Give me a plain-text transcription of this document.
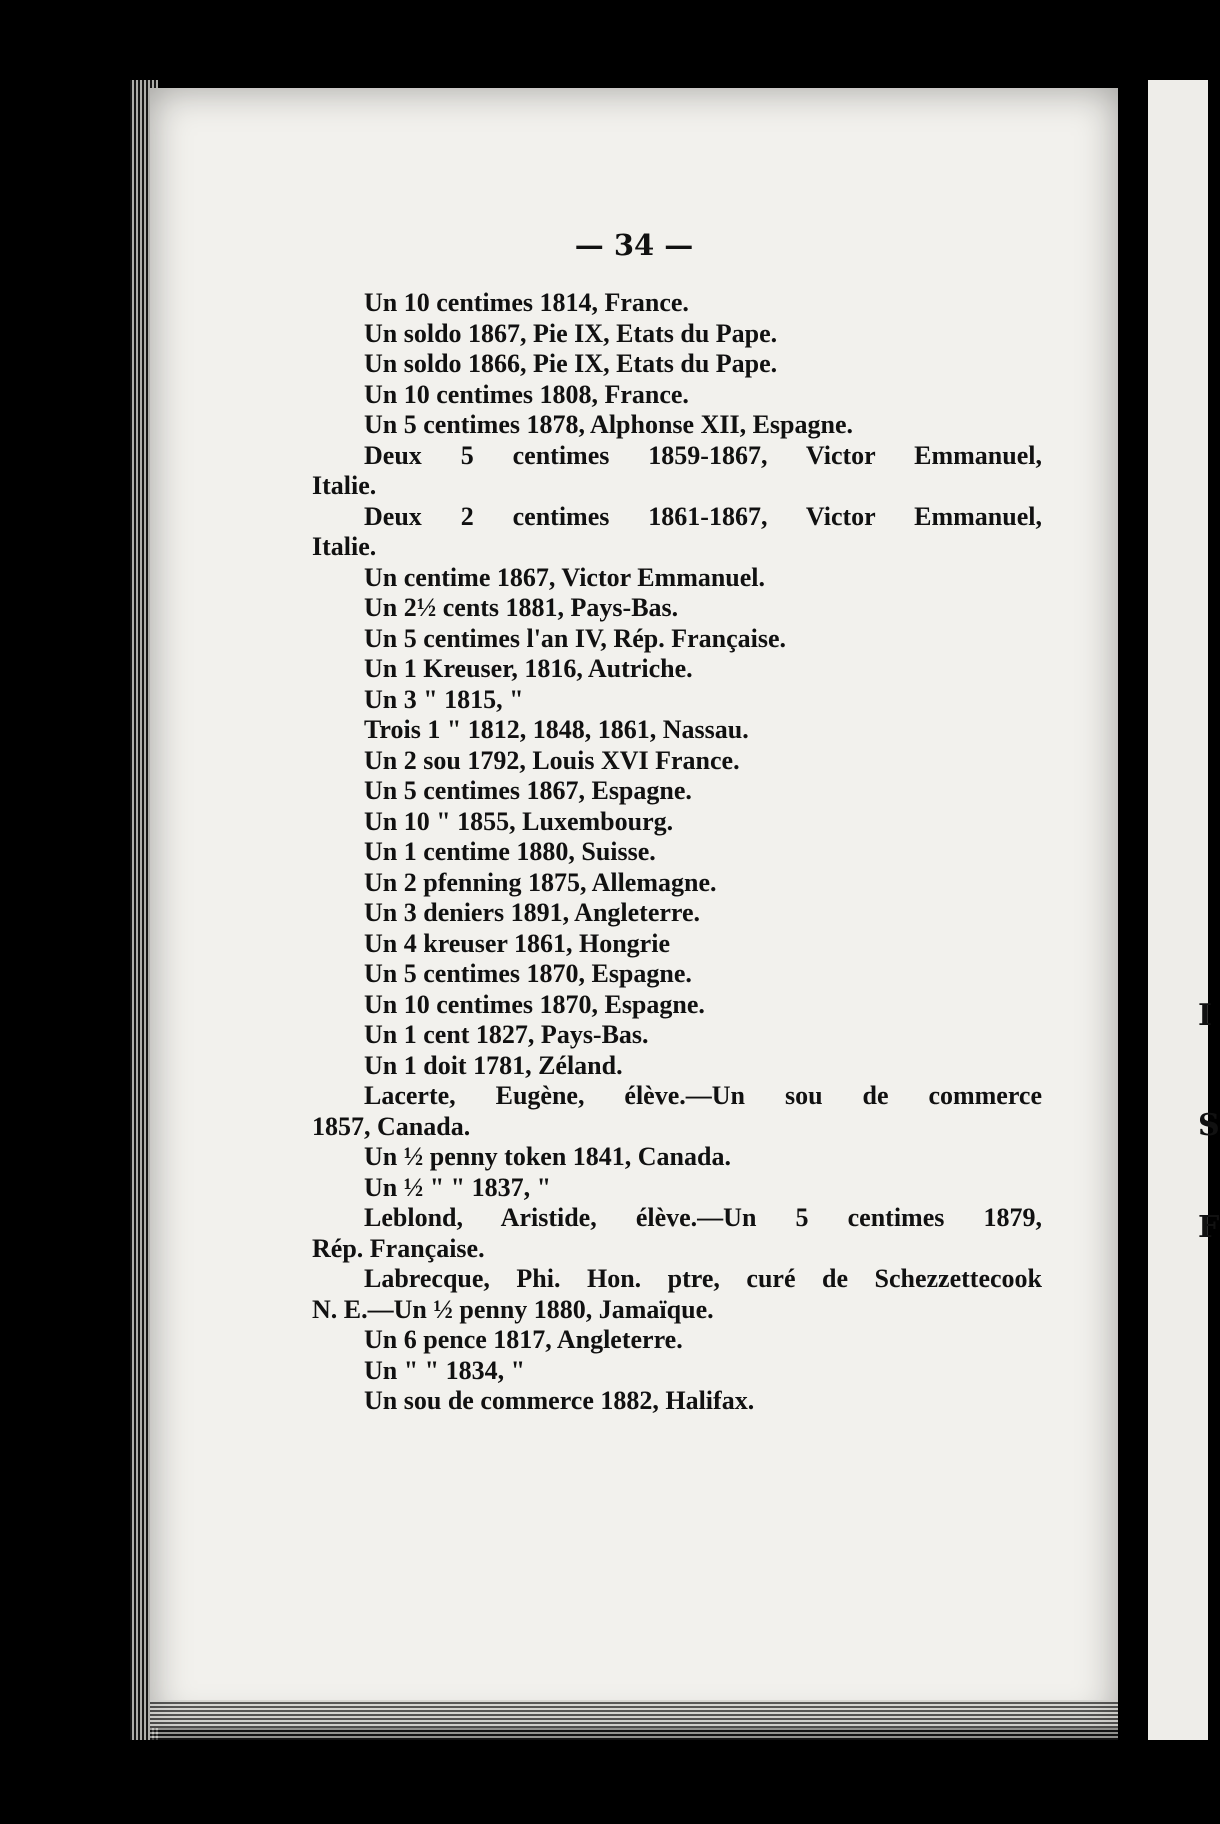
I
S
F
— 34 —

Un 10 centimes 1814, France.

Un soldo 1867, Pie IX, Etats du Pape.

Un soldo 1866, Pie IX, Etats du Pape.

Un 10 centimes 1808, France.

Un 5 centimes 1878, Alphonse XII, Espagne.

Deux 5 centimes 1859-1867, Victor Emmanuel,
Italie.

Deux 2 centimes 1861-1867, Victor Emmanuel,
Italie.

Un centime 1867, Victor Emmanuel.

Un 2½ cents 1881, Pays-Bas.

Un 5 centimes l'an IV, Rép. Française.

Un 1 Kreuser, 1816, Autriche.

Un 3 " 1815, "

Trois 1 " 1812, 1848, 1861, Nassau.

Un 2 sou 1792, Louis XVI France.

Un 5 centimes 1867, Espagne.

Un 10 " 1855, Luxembourg.

Un 1 centime 1880, Suisse.

Un 2 pfenning 1875, Allemagne.

Un 3 deniers 1891, Angleterre.

Un 4 kreuser 1861, Hongrie

Un 5 centimes 1870, Espagne.

Un 10 centimes 1870, Espagne.

Un 1 cent 1827, Pays-Bas.

Un 1 doit 1781, Zéland.

Lacerte, Eugène, élève.—Un sou de commerce
1857, Canada.

Un ½ penny token 1841, Canada.

Un ½ " " 1837, "

Leblond, Aristide, élève.—Un 5 centimes 1879,
Rép. Française.

Labrecque, Phi. Hon. ptre, curé de Schezzettecook
N. E.—Un ½ penny 1880, Jamaïque.

Un 6 pence 1817, Angleterre.

Un " " 1834, "

Un sou de commerce 1882, Halifax.
